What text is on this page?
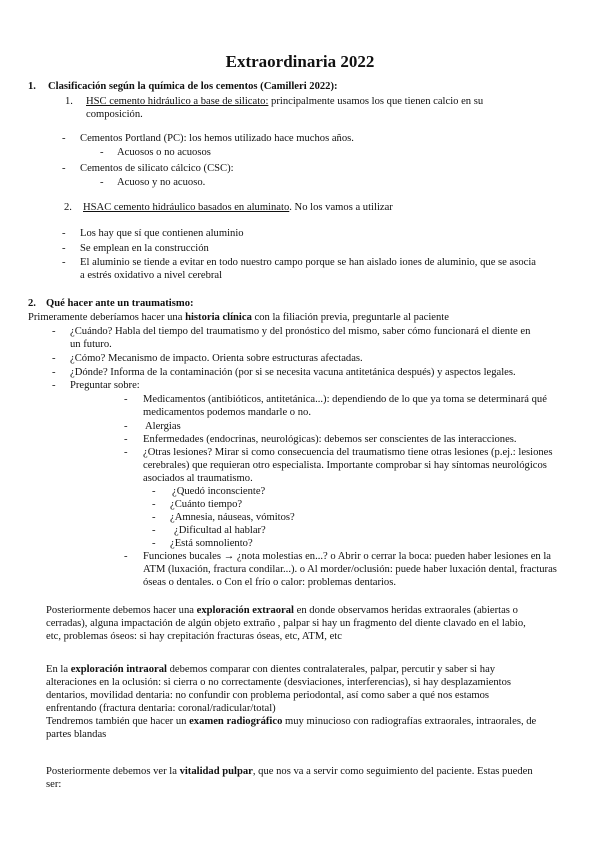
Extraordinaria 2022
1. Clasificación según la química de los cementos (Camilleri 2022):
1. HSC cemento hidráulico a base de silicato: principalmente usamos los que tienen calcio en su
composición.
- Cementos Portland (PC): los hemos utilizado hace muchos años.
- Acuosos o no acuosos
- Cementos de silicato cálcico (CSC):
- Acuoso y no acuoso.
2. HSAC cemento hidráulico basados en aluminato. No los vamos a utilizar
- Los hay que sí que contienen aluminio
- Se emplean en la construcción
- El aluminio se tiende a evitar en todo nuestro campo porque se han aislado iones de aluminio, que se asocia
a estrés oxidativo a nivel cerebral
2. Qué hacer ante un traumatismo:
Primeramente deberíamos hacer una historia clínica con la filiación previa, preguntarle al paciente
- ¿Cuándo? Habla del tiempo del traumatismo y del pronóstico del mismo, saber cómo funcionará el diente en
un futuro.
- ¿Cómo? Mecanismo de impacto. Orienta sobre estructuras afectadas.
- ¿Dónde? Informa de la contaminación (por si se necesita vacuna antitetánica después) y aspectos legales.
- Preguntar sobre:
- Medicamentos (antibióticos, antitetánica...): dependiendo de lo que ya toma se determinará qué
medicamentos podemos mandarle o no.
- Alergias
- Enfermedades (endocrinas, neurológicas): debemos ser conscientes de las interacciones.
- ¿Otras lesiones? Mirar si como consecuencia del traumatismo tiene otras lesiones (p.ej.: lesiones
cerebrales) que requieran otro especialista. Importante comprobar si hay síntomas neurológicos
asociados al traumatismo.
- ¿Quedó inconsciente?
- ¿Cuánto tiempo?
- ¿Amnesia, náuseas, vómitos?
- ¿Dificultad al hablar?
- ¿Está somnoliento?
- Funciones bucales → ¿nota molestias en...? o Abrir o cerrar la boca: pueden haber lesiones en la
ATM (luxación, fractura condilar...). o Al morder/oclusión: puede haber luxación dental, fracturas
óseas o dentales. o Con el frío o calor: problemas dentarios.
Posteriormente debemos hacer una exploración extraoral en donde observamos heridas extraorales (abiertas o
cerradas), alguna impactación de algún objeto extraño , palpar si hay un fragmento del diente clavado en el labio,
etc, problemas óseos: si hay crepitación fracturas óseas, etc, ATM, etc
En la exploración intraoral debemos comparar con dientes contralaterales, palpar, percutir y saber si hay
alteraciones en la oclusión: si cierra o no correctamente (desviaciones, interferencias), si hay desplazamientos
dentarios, movilidad dentaria: no confundir con problema periodontal, así como saber a qué nos estamos
enfrentando (fractura dentaria: coronal/radicular/total)
Tendremos también que hacer un examen radiográfico muy minucioso con radiografías extraorales, intraorales, de
partes blandas
Posteriormente debemos ver la vitalidad pulpar, que nos va a servir como seguimiento del paciente. Estas pueden
ser:
